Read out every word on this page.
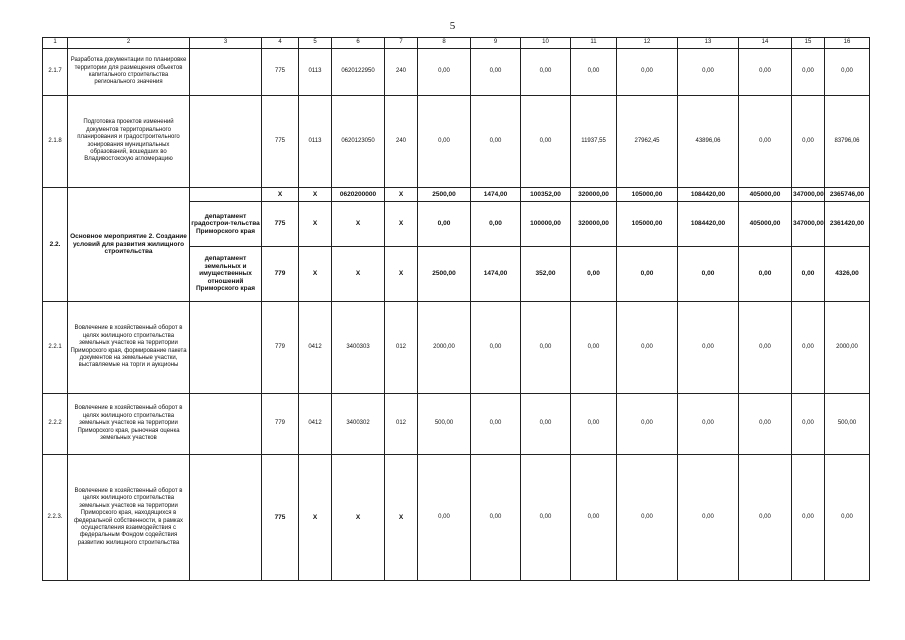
5
1	2	3	4	5	6	7	8	9	10	11	12	13	14	15	16
2.1.7	Разработка документации по планировке территории для размещения объектов капитального строительства регионального значения		775	0113	0620122950	240	0,00	0,00	0,00	0,00	0,00	0,00	0,00	0,00	0,00
2.1.8	Подготовка проектов изменений документов территориального планирования и градостроительного зонирования муниципальных образований, вошедших во Владивостокскую агломерацию		775	0113	0620123050	240	0,00	0,00	0,00	11937,55	27962,45	43896,06	0,00	0,00	83796,06
2.2.	Основное мероприятие 2. Создание условий для развития жилищного строительства		X	X	0620200000	X	2500,00	1474,00	100352,00	320000,00	105000,00	1084420,00	405000,00	347000,00	2365746,00
		департамент градострои-тельства Приморского края	775	X	X	X	0,00	0,00	100000,00	320000,00	105000,00	1084420,00	405000,00	347000,00	2361420,00
		департамент земельных и имущественных отношений Приморского края	779	X	X	X	2500,00	1474,00	352,00	0,00	0,00	0,00	0,00	0,00	4326,00
2.2.1	Вовлечение в хозяйственный оборот в целях жилищного строительства земельных участков на территории Приморского края, формирование пакета документов на земельные участки, выставляемые на торги и аукционы		779	0412	3400303	012	2000,00	0,00	0,00	0,00	0,00	0,00	0,00	0,00	2000,00
2.2.2	Вовлечение в хозяйственный оборот в целях жилищного строительства земельных участков на территории Приморского края, рыночная оценка земельных участков		779	0412	3400302	012	500,00	0,00	0,00	0,00	0,00	0,00	0,00	0,00	500,00
2.2.3.	Вовлечение в хозяйственный оборот в целях жилищного строительства земельных участков на территории Приморского края, находящихся в федеральной собственности, в рамках осуществления взаимодействия с федеральным Фондом содействия развитию жилищного строительства		775	X	X	X	0,00	0,00	0,00	0,00	0,00	0,00	0,00	0,00	0,00
